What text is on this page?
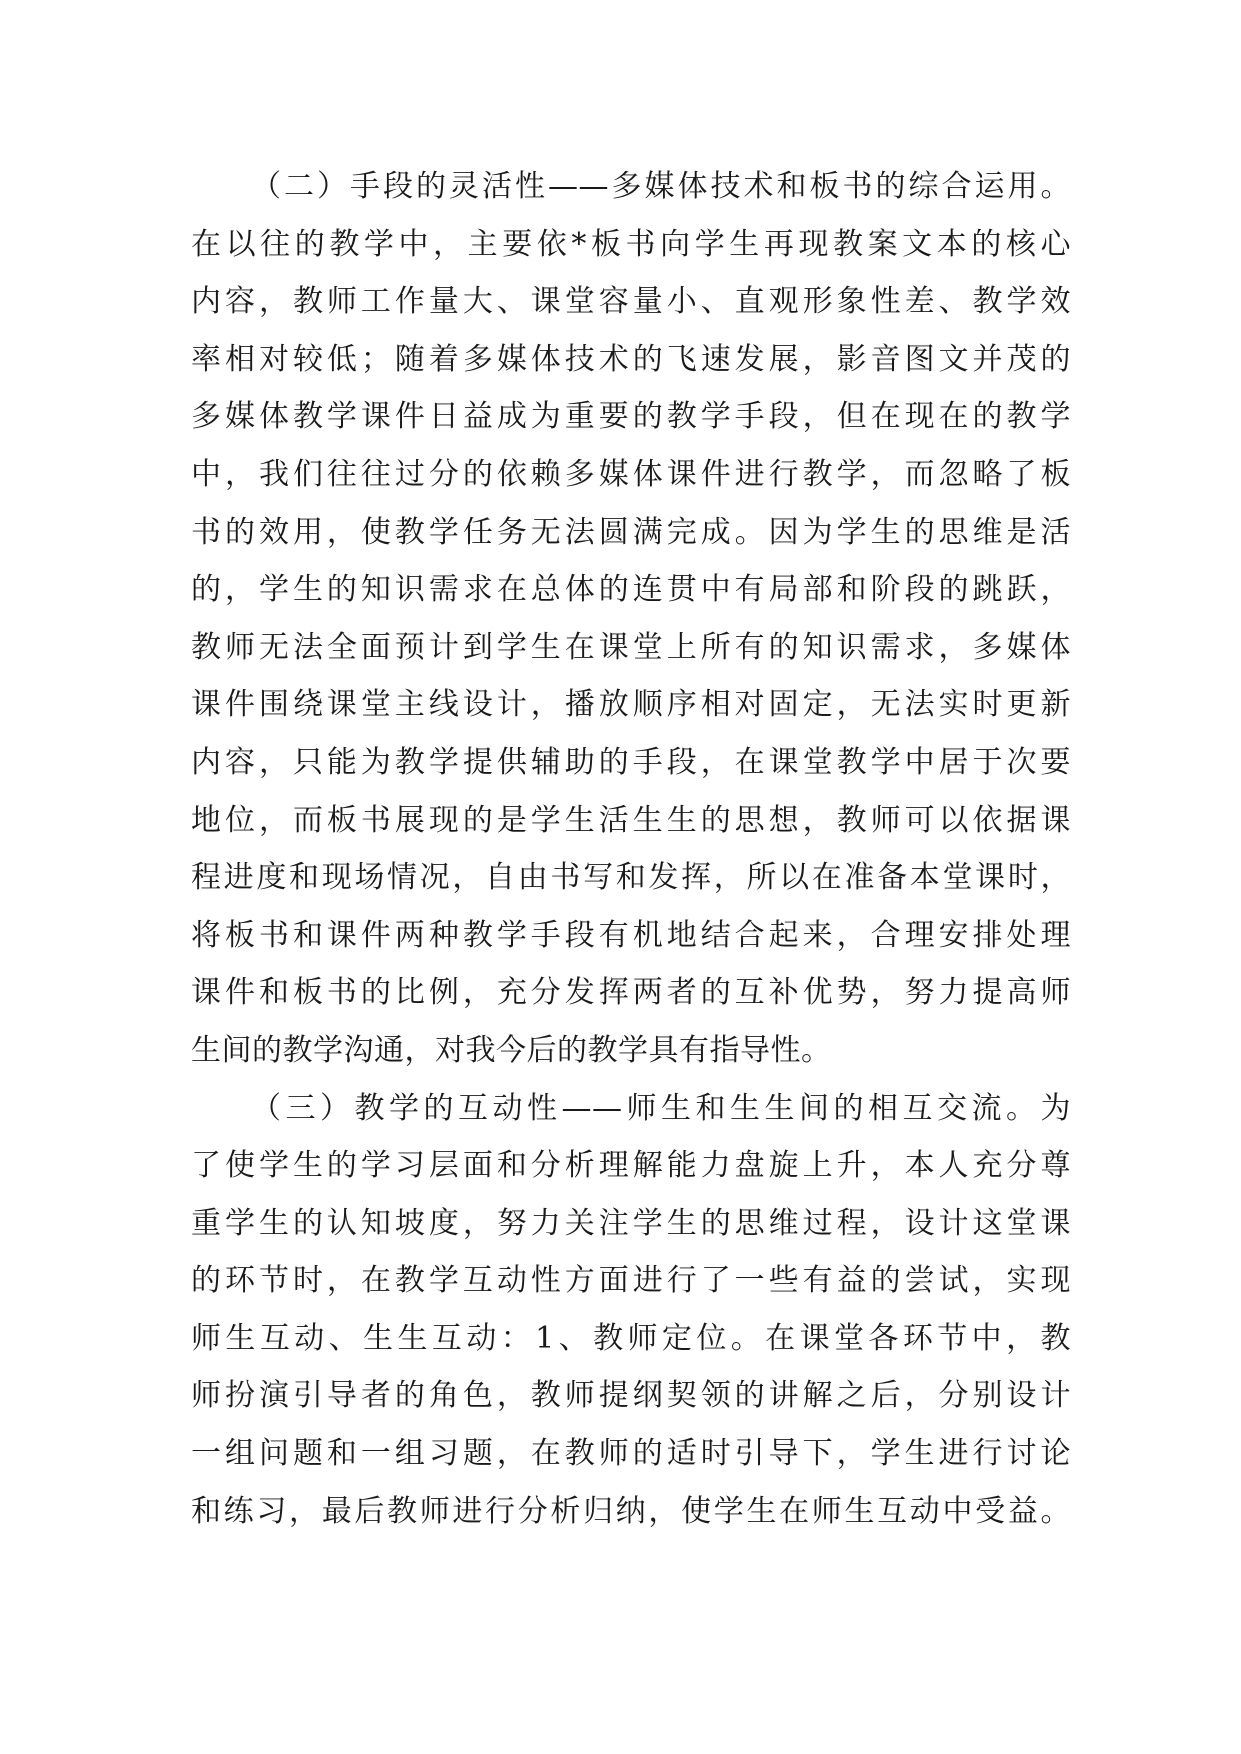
（二）手段的灵活性——多媒体技术和板书的综合运用。
在以往的教学中，主要依*板书向学生再现教案文本的核心
内容，教师工作量大、课堂容量小、直观形象性差、教学效
率相对较低；随着多媒体技术的飞速发展，影音图文并茂的
多媒体教学课件日益成为重要的教学手段，但在现在的教学
中，我们往往过分的依赖多媒体课件进行教学，而忽略了板
书的效用，使教学任务无法圆满完成。因为学生的思维是活
的，学生的知识需求在总体的连贯中有局部和阶段的跳跃，
教师无法全面预计到学生在课堂上所有的知识需求，多媒体
课件围绕课堂主线设计，播放顺序相对固定，无法实时更新
内容，只能为教学提供辅助的手段，在课堂教学中居于次要
地位，而板书展现的是学生活生生的思想，教师可以依据课
程进度和现场情况，自由书写和发挥，所以在准备本堂课时，
将板书和课件两种教学手段有机地结合起来，合理安排处理
课件和板书的比例，充分发挥两者的互补优势，努力提高师
生间的教学沟通，对我今后的教学具有指导性。
（三）教学的互动性——师生和生生间的相互交流。为
了使学生的学习层面和分析理解能力盘旋上升，本人充分尊
重学生的认知坡度，努力关注学生的思维过程，设计这堂课
的环节时，在教学互动性方面进行了一些有益的尝试，实现
师生互动、生生互动：1、教师定位。在课堂各环节中，教
师扮演引导者的角色，教师提纲契领的讲解之后，分别设计
一组问题和一组习题，在教师的适时引导下，学生进行讨论
和练习，最后教师进行分析归纳，使学生在师生互动中受益。
